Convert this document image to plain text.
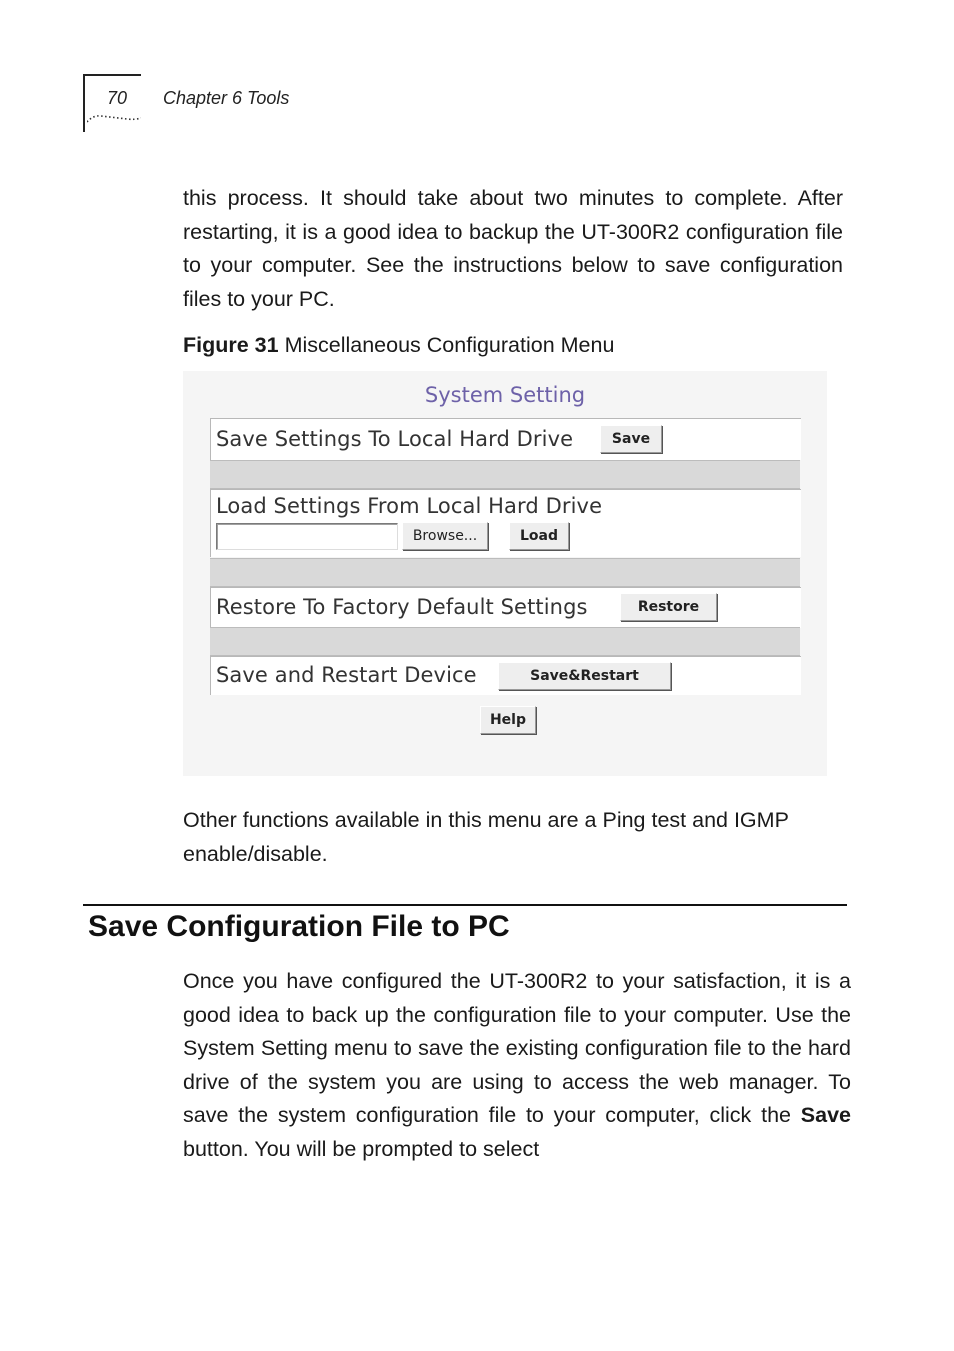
70 Chapter 6 Tools
this process. It should take about two minutes to complete. After restarting, it is a good idea to backup the UT-300R2 configuration file to your computer. See the instructions below to save configuration files to your PC.
Figure 31 Miscellaneous Configuration Menu
System Setting
Save Settings To Local Hard Drive	Save
Load Settings From Local Hard Drive
Browse...	Load
Restore To Factory Default Settings	Restore
Save and Restart Device	Save&Restart
Help
Other functions available in this menu are a Ping test and IGMP enable/disable.
Save Configuration File to PC
Once you have configured the UT-300R2 to your satisfaction, it is a good idea to back up the configuration file to your computer. Use the System Setting menu to save the existing configuration file to the hard drive of the system you are using to access the web manager. To save the system configuration file to your computer, click the Save button. You will be prompted to select
